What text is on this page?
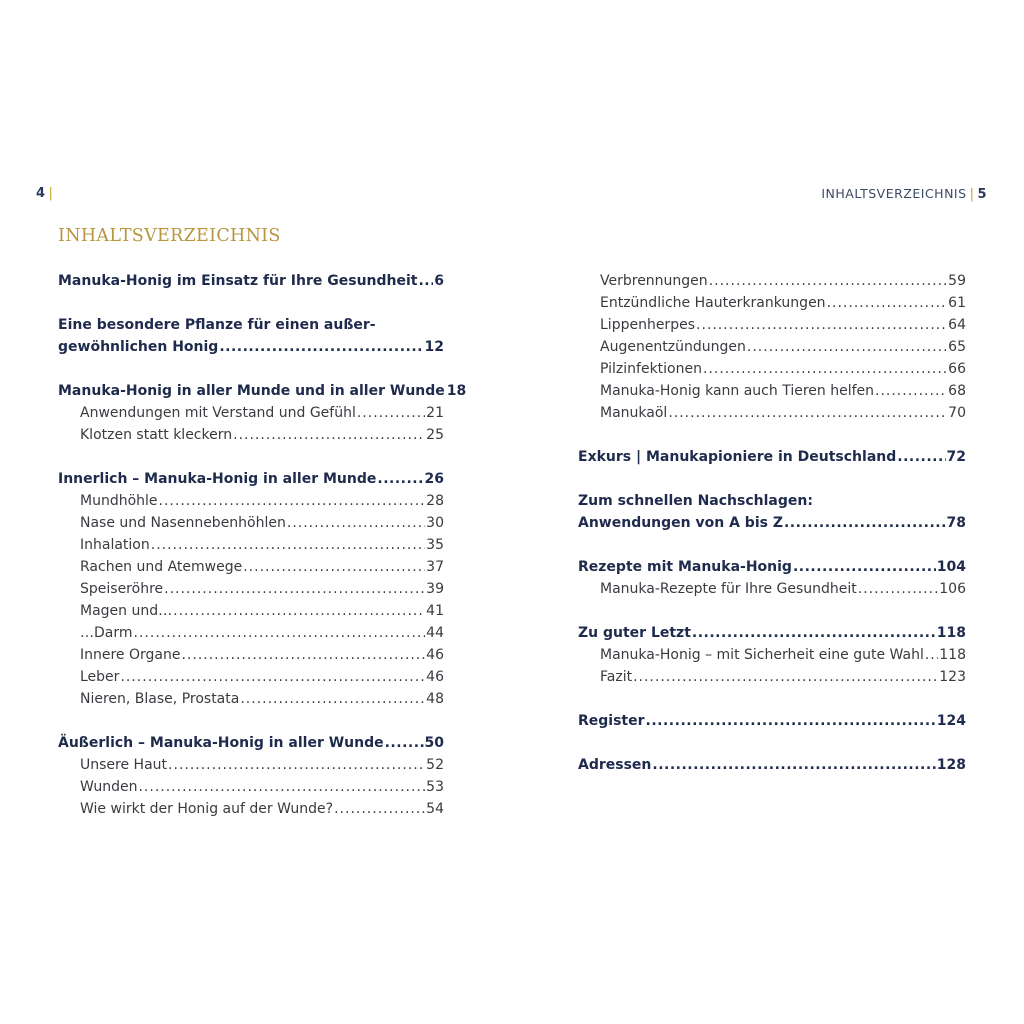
4 |	INHALTSVERZEICHNIS | 5
INHALTSVERZEICHNIS
Manuka-Honig im Einsatz für Ihre Gesundheit ..... 6
Eine besondere Pflanze für einen außer-
gewöhnlichen Honig .....	12
Manuka-Honig in aller Munde und in aller Wunde 18
Anwendungen mit Verstand und Gefühl .....	21
Klotzen statt kleckern .....	25
Innerlich – Manuka-Honig in aller Munde .....	26
Mundhöhle .....	28
Nase und Nasennebenhöhlen .....	30
Inhalation .....	35
Rachen und Atemwege .....	37
Speiseröhre .....	39
Magen und… .....	41
…Darm .....	44
Innere Organe .....	46
Leber .....	46
Nieren, Blase, Prostata .....	48
Äußerlich – Manuka-Honig in aller Wunde .....	50
Unsere Haut .....	52
Wunden .....	53
Wie wirkt der Honig auf der Wunde? .....	54
Verbrennungen .....	59
Entzündliche Hauterkrankungen .....	61
Lippenherpes .....	64
Augenentzündungen .....	65
Pilzinfektionen .....	66
Manuka-Honig kann auch Tieren helfen .....	68
Manukaöl .....	70
Exkurs | Manukapioniere in Deutschland .....	72
Zum schnellen Nachschlagen:
Anwendungen von A bis Z .....	78
Rezepte mit Manuka-Honig .....	104
Manuka-Rezepte für Ihre Gesundheit .....	106
Zu guter Letzt .....	118
Manuka-Honig – mit Sicherheit eine gute Wahl ..... 118
Fazit .....	123
Register .....	124
Adressen .....	128
